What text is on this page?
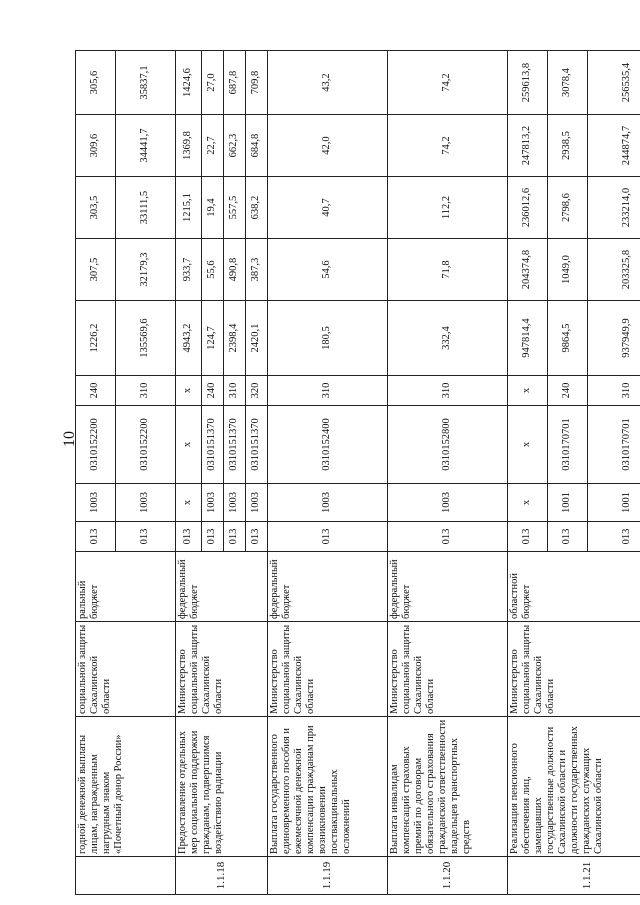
10
	годной денежной выплаты лицам, награжденным нагрудным знаком «Почетный донор России»	социальной защиты Сахалинской области	ральный бюджет	013	1003	0310152200	240	1226,2	307,5	303,5	309,6	305,6
				013	1003	0310152200	310	135569,6	32179,3	33111,5	34441,7	35837,1
1.1.18	Предоставление отдельных мер социальной поддержки гражданам, подвергшимся воздействию радиации	Министерство социальной защиты Сахалинской области	федеральный бюджет	013	x	x	x	4943,2	933,7	1215,1	1369,8	1424,6
				013	1003	0310151370	240	124,7	55,6	19,4	22,7	27,0
				013	1003	0310151370	310	2398,4	490,8	557,5	662,3	687,8
				013	1003	0310151370	320	2420,1	387,3	638,2	684,8	709,8
1.1.19	Выплата государственного единовременного пособия и ежемесячной денежной компенсации гражданам при возникновении поствакцинальных осложнений	Министерство социальной защиты Сахалинской области	федеральный бюджет	013	1003	0310152400	310	180,5	54,6	40,7	42,0	43,2
1.1.20	Выплата инвалидам компенсаций страховых премий по договорам обязательного страхования гражданской ответственности владельцев транспортных средств	Министерство социальной защиты Сахалинской области	федеральный бюджет	013	1003	0310152800	310	332,4	71,8	112,2	74,2	74,2
1.1.21	Реализация пенсионного обеспечения лиц, замещавших государственные должности Сахалинской области и должности государственных гражданских служащих Сахалинской области	Министерство социальной защиты Сахалинской области	областной бюджет	013	x	x	x	947814,4	204374,8	236012,6	247813,2	259613,8
				013	1001	0310170701	240	9864,5	1049,0	2798,6	2938,5	3078,4
				013	1001	0310170701	310	937949,9	203325,8	233214,0	244874,7	256535,4
